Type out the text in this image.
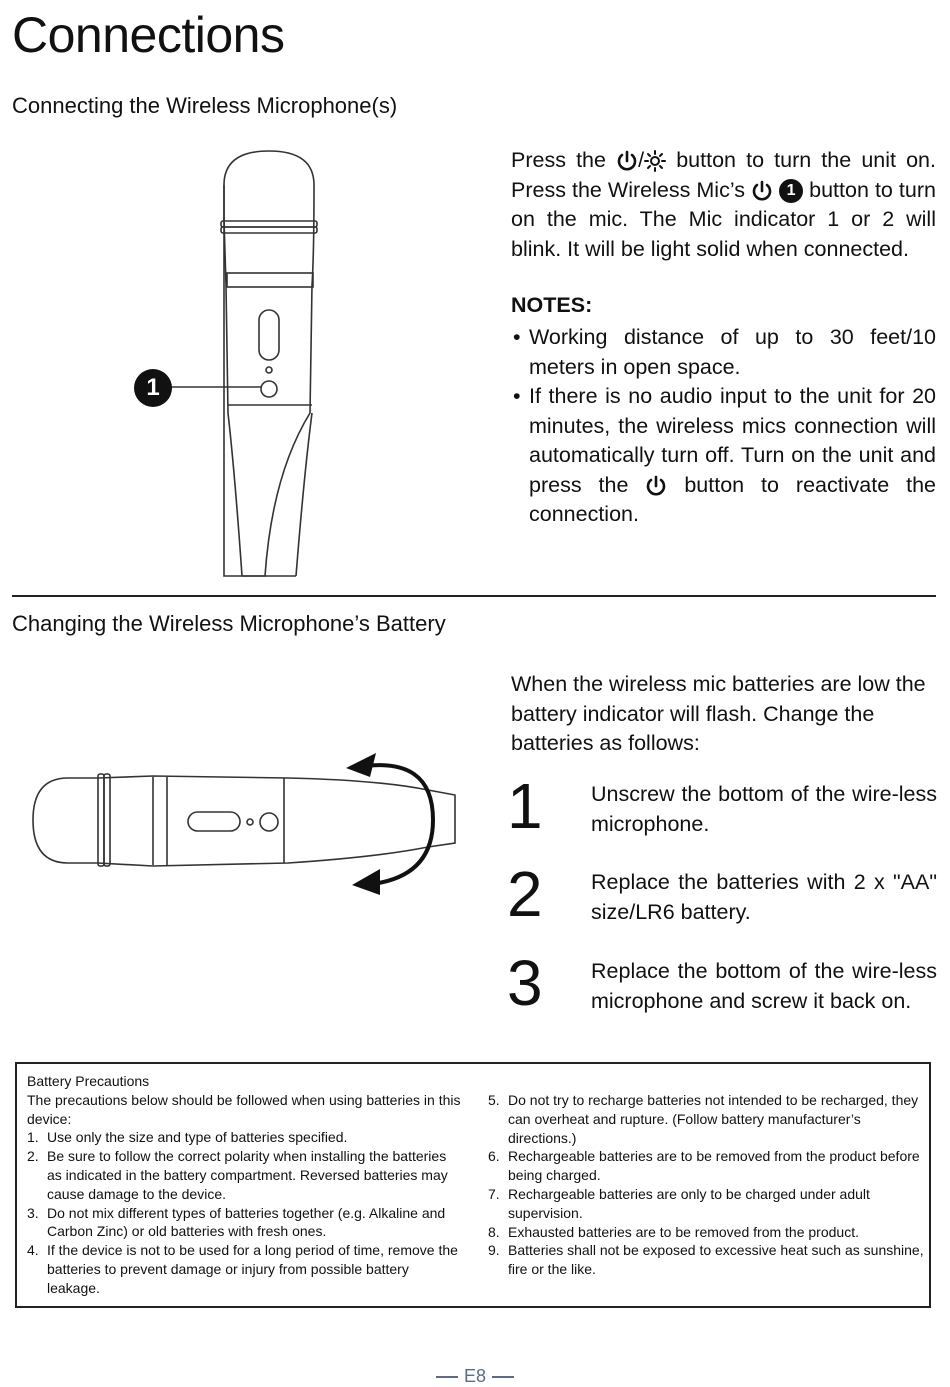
Connections
Connecting the Wireless Microphone(s)
1
Press the / button to turn the unit on. Press the Wireless Mic’s	1 button to turn on the mic. The Mic indicator 1 or 2 will blink. It will be light solid when connected.
NOTES:
• Working distance of up to 30 feet/10 meters in open space.
• If there is no audio input to the unit for 20 minutes, the wireless mics connection will automatically turn off. Turn on the unit and press the	button to reactivate the connection.
Changing the Wireless Microphone’s Battery
When the wireless mic batteries are low the battery indicator will flash. Change the batteries as follows:
1 Unscrew the bottom of the wire-less microphone.
2 Replace the batteries with 2 x "AA" size/LR6 battery.
3 Replace the bottom of the wire-less microphone and screw it back on.
Battery Precautions
The precautions below should be followed when using batteries in this device:
1. Use only the size and type of batteries specified.
2. Be sure to follow the correct polarity when installing the batteries as indicated in the battery compartment. Reversed batteries may cause damage to the device.
3. Do not mix different types of batteries together (e.g. Alkaline and Carbon Zinc) or old batteries with fresh ones.
4. If the device is not to be used for a long period of time, remove the batteries to prevent damage or injury from possible battery leakage.
5. Do not try to recharge batteries not intended to be recharged, they can overheat and rupture. (Follow battery manufacturer’s directions.)
6. Rechargeable batteries are to be removed from the product before being charged.
7. Rechargeable batteries are only to be charged under adult supervision.
8. Exhausted batteries are to be removed from the product.
9. Batteries shall not be exposed to excessive heat such as sunshine, fire or the like.
E8
